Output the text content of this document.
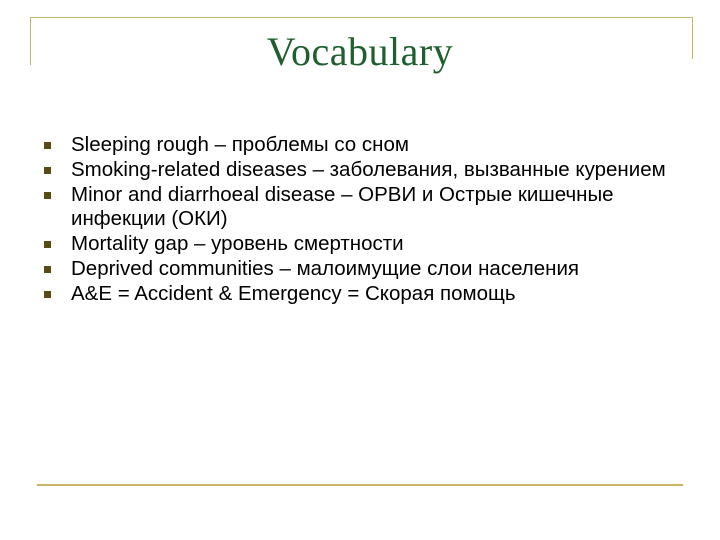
Vocabulary
Sleeping rough – проблемы со сном
Smoking-related diseases – заболевания, вызванные курением
Minor and diarrhoeal disease – ОРВИ и Острые кишечные инфекции (ОКИ)
Mortality gap – уровень смертности
Deprived communities – малоимущие слои населения
A&E = Accident & Emergency = Скорая помощь
